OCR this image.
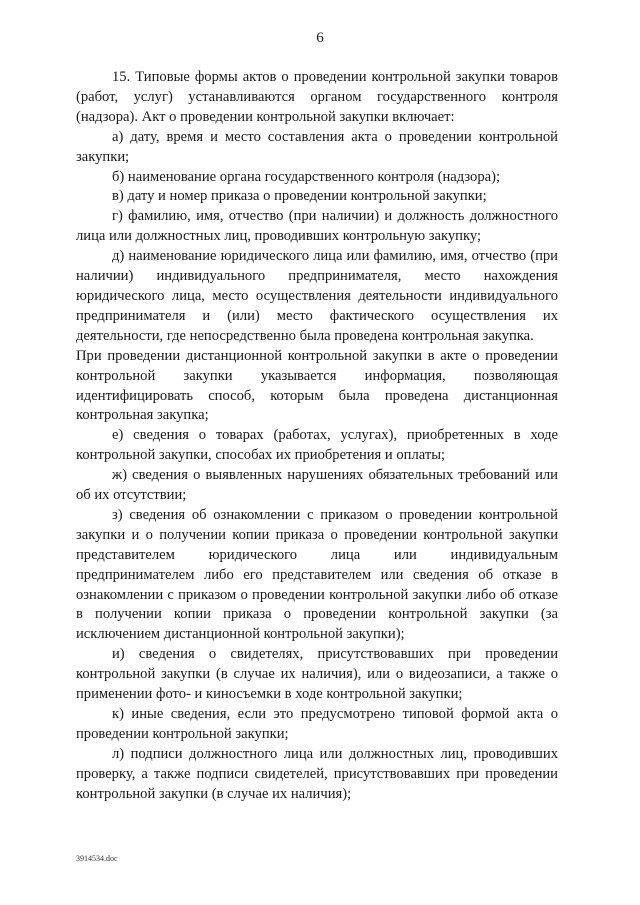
6

15. Типовые формы актов о проведении контрольной закупки товаров (работ, услуг) устанавливаются органом государственного контроля (надзора). Акт о проведении контрольной закупки включает:

а) дату, время и место составления акта о проведении контрольной закупки;

б) наименование органа государственного контроля (надзора);

в) дату и номер приказа о проведении контрольной закупки;

г) фамилию, имя, отчество (при наличии) и должность должностного лица или должностных лиц, проводивших контрольную закупку;

д) наименование юридического лица или фамилию, имя, отчество (при наличии) индивидуального предпринимателя, место нахождения юридического лица, место осуществления деятельности индивидуального предпринимателя и (или) место фактического осуществления их деятельности, где непосредственно была проведена контрольная закупка.

При проведении дистанционной контрольной закупки в акте о проведении контрольной закупки указывается информация, позволяющая идентифицировать способ, которым была проведена дистанционная контрольная закупка;

е) сведения о товарах (работах, услугах), приобретенных в ходе контрольной закупки, способах их приобретения и оплаты;

ж) сведения о выявленных нарушениях обязательных требований или об их отсутствии;

з) сведения об ознакомлении с приказом о проведении контрольной закупки и о получении копии приказа о проведении контрольной закупки представителем юридического лица или индивидуальным предпринимателем либо его представителем или сведения об отказе в ознакомлении с приказом о проведении контрольной закупки либо об отказе в получении копии приказа о проведении контрольной закупки (за исключением дистанционной контрольной закупки);

и) сведения о свидетелях, присутствовавших при проведении контрольной закупки (в случае их наличия), или о видеозаписи, а также о применении фото- и киносъемки в ходе контрольной закупки;

к) иные сведения, если это предусмотрено типовой формой акта о проведении контрольной закупки;

л) подписи должностного лица или должностных лиц, проводивших проверку, а также подписи свидетелей, присутствовавших при проведении контрольной закупки (в случае их наличия);

3914534.doc
